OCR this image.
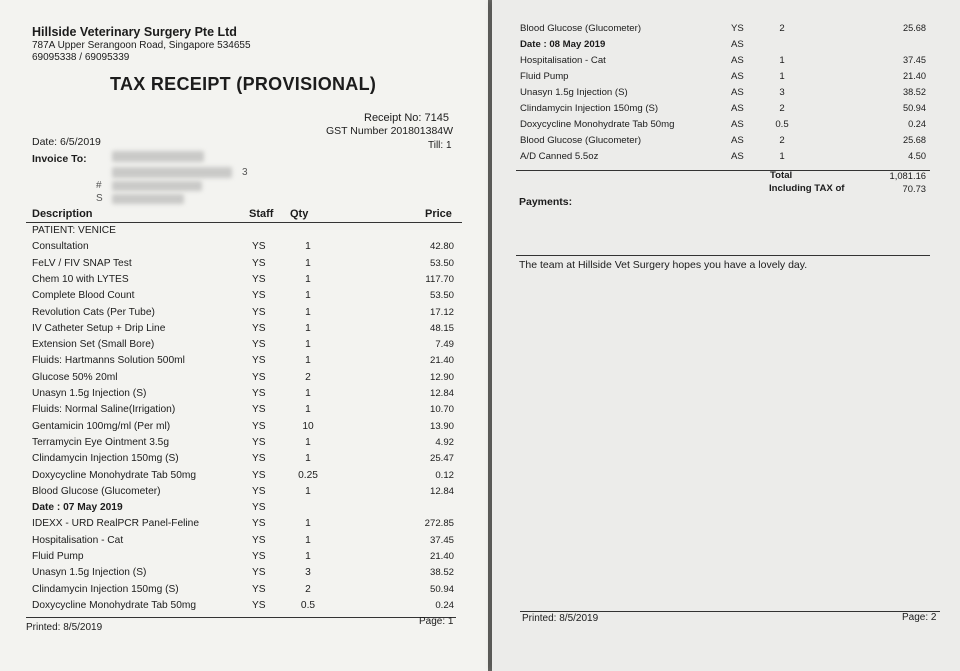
Hillside Veterinary Surgery Pte Ltd
787A Upper Serangoon Road, Singapore 534655
69095338 / 69095339
TAX RECEIPT (PROVISIONAL)
Receipt No: 7145
GST Number 201801384W
Till: 1
Date: 6/5/2019
Invoice To:
3
#
S
Description	Staff Qty	Price
PATIENT: VENICE
Consultation	YS	1	42.80
FeLV / FIV SNAP Test	YS	1	53.50
Chem 10 with LYTES	YS	1	117.70
Complete Blood Count	YS	1	53.50
Revolution Cats (Per Tube)	YS	1	17.12
IV Catheter Setup + Drip Line	YS	1	48.15
Extension Set (Small Bore)	YS	1	7.49
Fluids: Hartmanns Solution 500ml	YS	1	21.40
Glucose 50% 20ml	YS	2	12.90
Unasyn 1.5g Injection (S)	YS	1	12.84
Fluids: Normal Saline(Irrigation)	YS	1	10.70
Gentamicin 100mg/ml (Per ml)	YS	10	13.90
Terramycin Eye Ointment 3.5g	YS	1	4.92
Clindamycin Injection 150mg (S)	YS	1	25.47
Doxycycline Monohydrate Tab 50mg	YS	0.25	0.12
Blood Glucose (Glucometer)	YS	1	12.84
Date : 07 May 2019	YS
IDEXX - URD RealPCR Panel-Feline	YS	1	272.85
Hospitalisation - Cat	YS	1	37.45
Fluid Pump	YS	1	21.40
Unasyn 1.5g Injection (S)	YS	3	38.52
Clindamycin Injection 150mg (S)	YS	2	50.94
Doxycycline Monohydrate Tab 50mg	YS	0.5	0.24
Printed: 8/5/2019
Page: 1
Blood Glucose (Glucometer)	YS	2	25.68
Date : 08 May 2019	AS
Hospitalisation - Cat	AS	1	37.45
Fluid Pump	AS	1	21.40
Unasyn 1.5g Injection (S)	AS	3	38.52
Clindamycin Injection 150mg (S)	AS	2	50.94
Doxycycline Monohydrate Tab 50mg	AS	0.5	0.24
Blood Glucose (Glucometer)	AS	2	25.68
A/D Canned 5.5oz	AS	1	4.50
Total	1,081.16
Including TAX of	70.73
Payments:
The team at Hillside Vet Surgery hopes you have a lovely day.
Printed: 8/5/2019	Page: 2
